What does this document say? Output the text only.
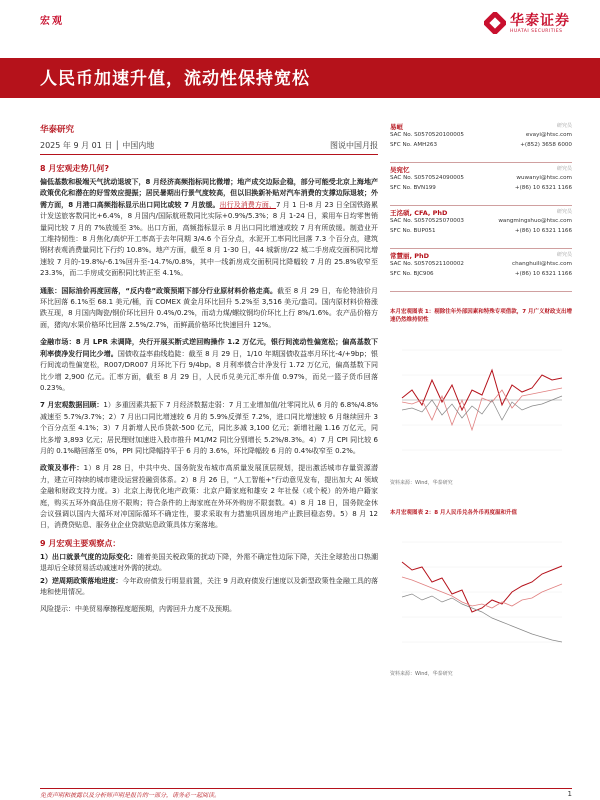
宏观	华泰证券
HUATAI SECURITIES
人民币加速升值，流动性保持宽松
华泰研究
2025 年 9 月 01 日 │ 中国内地	图说中国月报
易峘	研究员
SAC No. S0570520100005	evayi@htsc.com
SFC No. AMH263	+(852) 3658 6000
吴宛忆	研究员
SAC No. S0570524090005	wuwanyi@htsc.com
SFC No. BVN199	+(86) 10 6321 1166
王洺硕, CFA, PhD	研究员
SAC No. S0570525070003	wangmingshuo@htsc.com
SFC No. BUP051	+(86) 10 6321 1166
常慧丽, PhD	研究员
SAC No. S0570521100002	changhuili@htsc.com
SFC No. BJC906	+(86) 10 6321 1166
8 月宏观走势几何?

偏低基数和极端天气扰动退坡下，8 月经济高频指标同比微增；地产成交边际企稳，部分可能受北京上海地产政策优化和潜在的好雪效应提振；居民暑期出行景气度较高，但以旧换新补贴对汽车消费的支撑边际退坡；外需方面，8 月港口高频指标显示出口同比或较 7 月放缓。出行及消费方面，7 月 1 日-8 月 23 日全国铁路累计发送旅客数同比+6.4%，8 月国内/国际航班数同比实际+0.9%/5.3%；8 月 1-24 日，乘用车日均零售销量同比较 7 月的 7%放缓至 3%。出口方面，高频指标显示 8 月出口同比增速或较 7 月有所放缓。制造业开工维持韧性：8 月焦化/高炉开工率高于去年同期 3/4.6 个百分点，水泥开工率同比回落 7.3 个百分点，建筑钢材表观消费量同比下行约 10.8%。地产方面，截至 8 月 1-30 日，44 城新房/22 城二手房成交面积同比增速较 7 月的-19.8%/-6.1%回升至-14.7%/0.8%，其中一线新房成交面积同比降幅较 7 月的 25.8%收窄至 23.3%，而二手房成交面积同比转正至 4.1%。

通胀：国际油价再度回落，“反内卷”政策预期下部分行业原材料价格走高。截至 8 月 29 日，布伦特油价月环比回落 6.1%至 68.1 美元/桶，而 COMEX 黄金月环比回升 5.2%至 3,516 美元/盎司。国内原材料价格涨跌互现，8 月国内陶瓷/钢价环比回升 0.4%/0.2%，而动力煤/螺纹钢均价环比上行 8%/1.6%。农产品价格方面，猪肉/水果价格环比回落 2.5%/2.7%，而鲜蔬价格环比快速回升 12%。

金融市场：8 月 LPR 未调降，央行开展买断式逆回购操作 1.2 万亿元，银行间流动性偏宽松；偏高基数下利率债净发行同比少增。国债收益率曲线趋陡：截至 8 月 29 日，1/10 年期国债收益率月环比-4/+9bp；银行间流动性偏宽松，R007/DR007 月环比下行 9/4bp。8 月利率债合计净发行 1.72 万亿元，偏高基数下同比少增 2,900 亿元。汇率方面，截至 8 月 29 日，人民币兑美元汇率升值 0.97%，而兑一篮子货币回落 0.23%。

7 月宏观数据回顾：1）多重因素共振下 7 月经济数据走弱：7 月工业增加值/社零同比从 6 月的 6.8%/4.8%减速至 5.7%/3.7%；2）7 月出口同比增速较 6 月的 5.9%反弹至 7.2%，进口同比增速较 6 月继续回升 3 个百分点至 4.1%；3）7 月新增人民币贷款-500 亿元，同比多减 3,100 亿元；新增社融 1.16 万亿元，同比多增 3,893 亿元；居民理财加速进入股市推升 M1/M2 同比分别增长 5.2%/8.3%。4）7 月 CPI 同比较 6 月的 0.1%略回落至 0%，PPI 同比降幅持平于 6 月的 3.6%，环比降幅较 6 月的 0.4%收窄至 0.2%。

政策及事件：1）8 月 28 日，中共中央、国务院发布城市高质量发展顶层规划，提出激活城市存量资源潜力，建立可持续的城市建设运营投融资体系。2）8 月 26 日，“人工智能+”行动意见发布，提出加大 AI 领域金融和财政支持力度。3）北京上海优化地产政策：北京户籍家庭和雄安 2 年社保（或个税）的外地户籍家庭，购买五环外商品住房不限购；符合条件的上海家庭在外环外购房不限套数。4）8 月 18 日，国务院金休会议强调以国内大循环对冲国际循环不确定性，要求采取有力措施巩固房地产止跌回稳态势。5）8 月 12 日，消费贷贴息、服务业企业贷款贴息政策具体方案落地。

9 月宏观主要观察点：

1）出口就景气度的边际变化：随着美国关税政策的扰动下降，外需不确定性边际下降，关注全球抢出口热潮退却后全球贸易活动减速对外需的扰动。

2）逆周期政策落地进度：今年政府债发行明显前置，关注 9 月政府债发行速度以及新型政策性金融工具的落地和使用情况。

风险提示：中美贸易摩擦程度超预期，内需回升力度不及预期。

本月宏观图表 1：剔除往年外部因素和特殊专项借款，7 月广义财政支出增速仍然维持韧性
资料来源：Wind，华泰研究
本月宏观图表 2：8 月人民币兑各外币再度温和升值
资料来源：Wind，华泰研究
免责声明和披露以及分析师声明是报告的一部分，请务必一起阅读。	1
